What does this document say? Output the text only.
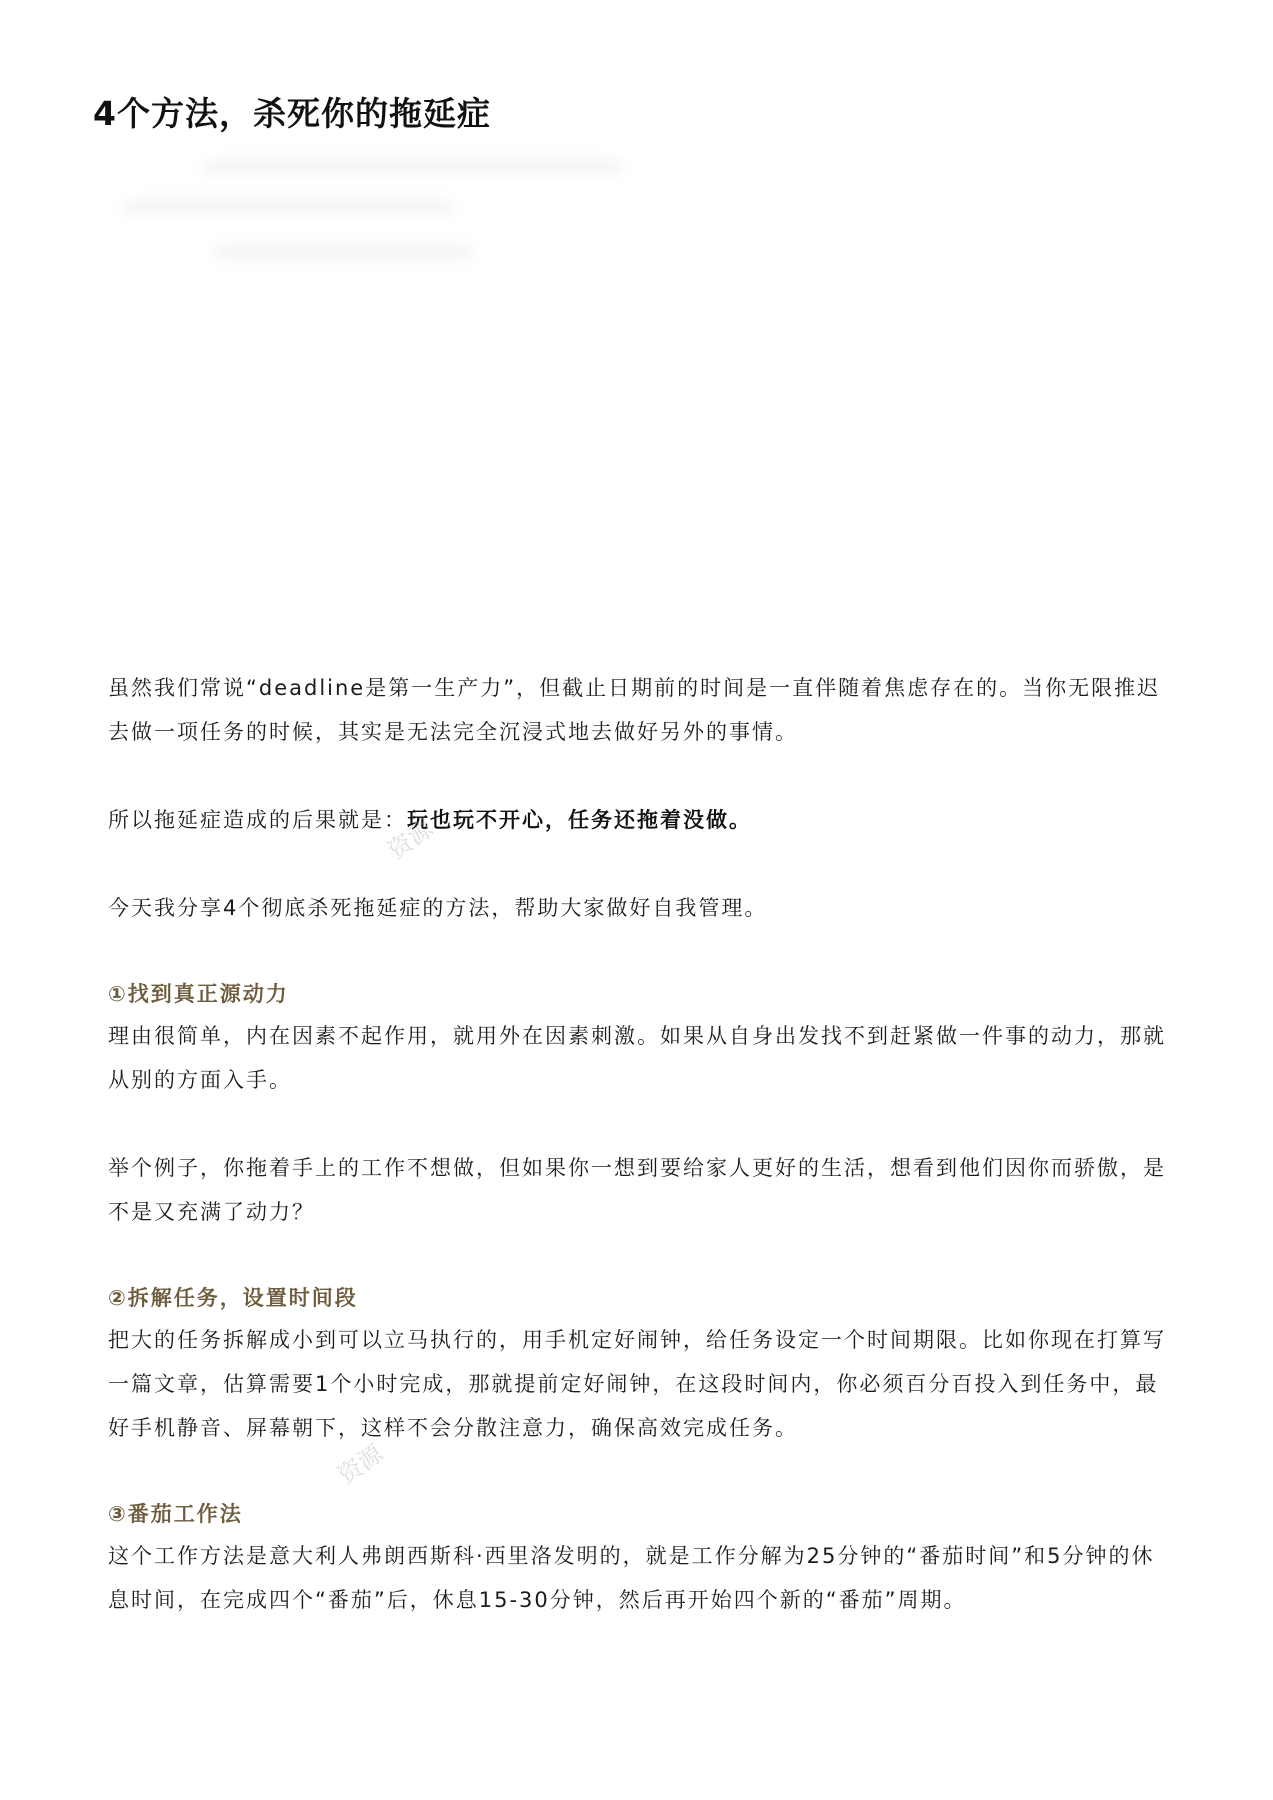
4个方法，杀死你的拖延症

虽然我们常说“deadline是第一生产力”，但截止日期前的时间是一直伴随着焦虑存在的。当你无限推迟去做一项任务的时候，其实是无法完全沉浸式地去做好另外的事情。

所以拖延症造成的后果就是：玩也玩不开心，任务还拖着没做。

今天我分享4个彻底杀死拖延症的方法，帮助大家做好自我管理。

①找到真正源动力

理由很简单，内在因素不起作用，就用外在因素刺激。如果从自身出发找不到赶紧做一件事的动力，那就从别的方面入手。

举个例子，你拖着手上的工作不想做，但如果你一想到要给家人更好的生活，想看到他们因你而骄傲，是不是又充满了动力？

②拆解任务，设置时间段

把大的任务拆解成小到可以立马执行的，用手机定好闹钟，给任务设定一个时间期限。比如你现在打算写一篇文章，估算需要1个小时完成，那就提前定好闹钟，在这段时间内，你必须百分百投入到任务中，最好手机静音、屏幕朝下，这样不会分散注意力，确保高效完成任务。

③番茄工作法

这个工作方法是意大利人弗朗西斯科·西里洛发明的，就是工作分解为25分钟的“番茄时间”和5分钟的休息时间，在完成四个“番茄”后，休息15-30分钟，然后再开始四个新的“番茄”周期。

资源
资源
